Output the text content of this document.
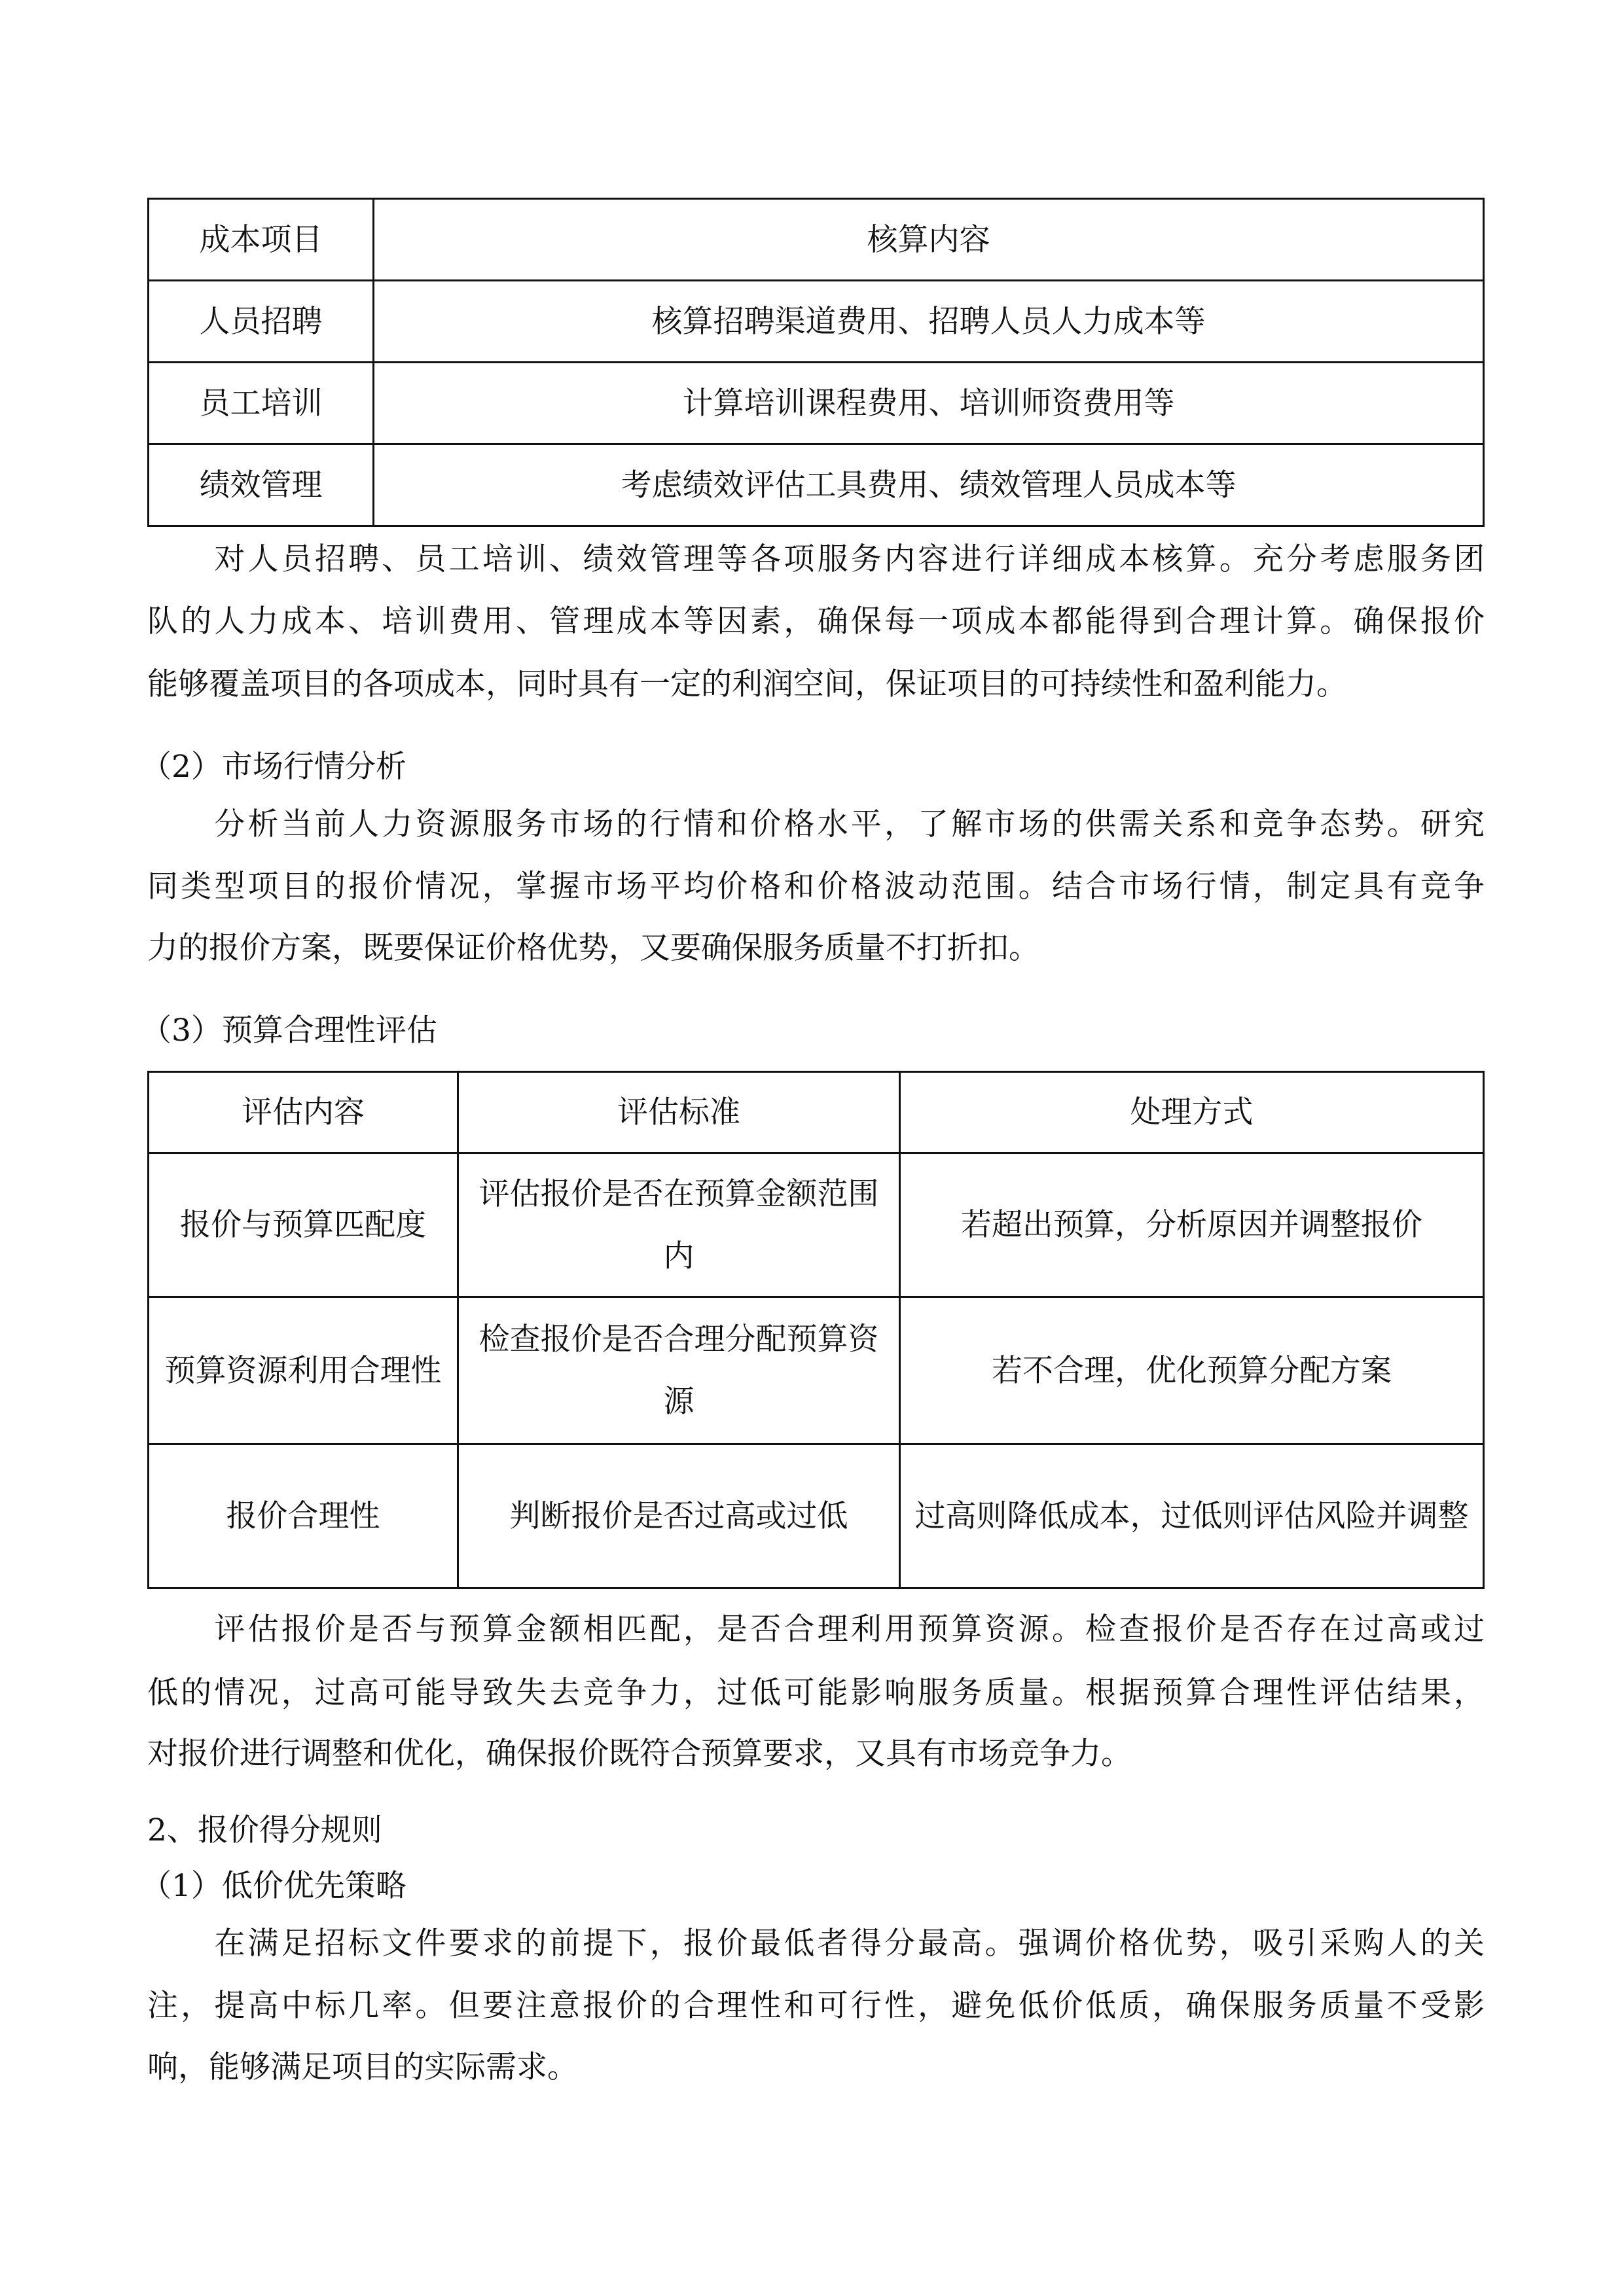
成本项目	核算内容
人员招聘	核算招聘渠道费用、招聘人员人力成本等
员工培训	计算培训课程费用、培训师资费用等
绩效管理	考虑绩效评估工具费用、绩效管理人员成本等
　　对人员招聘、员工培训、绩效管理等各项服务内容进行详细成本核算。充分考虑服务团
队的人力成本、培训费用、管理成本等因素，确保每一项成本都能得到合理计算。确保报价
能够覆盖项目的各项成本，同时具有一定的利润空间，保证项目的可持续性和盈利能力。
（2）市场行情分析
　　分析当前人力资源服务市场的行情和价格水平，了解市场的供需关系和竞争态势。研究
同类型项目的报价情况，掌握市场平均价格和价格波动范围。结合市场行情，制定具有竞争
力的报价方案，既要保证价格优势，又要确保服务质量不打折扣。
（3）预算合理性评估
评估内容	评估标准	处理方式
报价与预算匹配度	评估报价是否在预算金额范围内	若超出预算，分析原因并调整报价
预算资源利用合理性	检查报价是否合理分配预算资源	若不合理，优化预算分配方案
报价合理性	判断报价是否过高或过低	过高则降低成本，过低则评估风险并调整
　　评估报价是否与预算金额相匹配，是否合理利用预算资源。检查报价是否存在过高或过
低的情况，过高可能导致失去竞争力，过低可能影响服务质量。根据预算合理性评估结果，
对报价进行调整和优化，确保报价既符合预算要求，又具有市场竞争力。
2、报价得分规则
（1）低价优先策略
　　在满足招标文件要求的前提下，报价最低者得分最高。强调价格优势，吸引采购人的关
注，提高中标几率。但要注意报价的合理性和可行性，避免低价低质，确保服务质量不受影
响，能够满足项目的实际需求。
